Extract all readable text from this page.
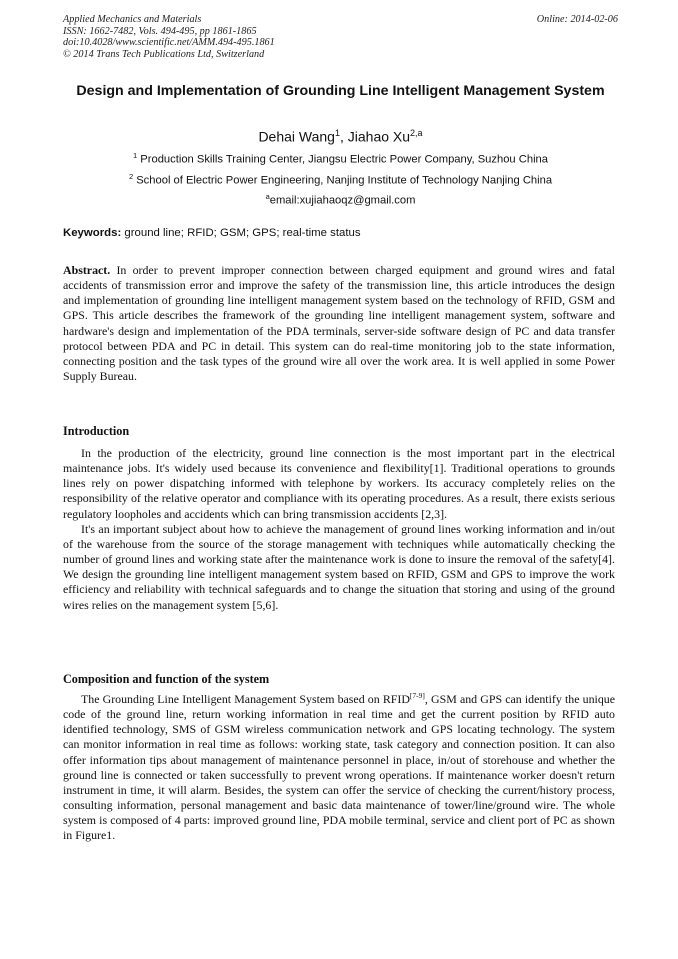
Applied Mechanics and Materials
ISSN: 1662-7482, Vols. 494-495, pp 1861-1865
doi:10.4028/www.scientific.net/AMM.494-495.1861
© 2014 Trans Tech Publications Ltd, Switzerland
Online: 2014-02-06
Design and Implementation of Grounding Line Intelligent Management System
Dehai Wang$^1$, Jiahao Xu$^{2,a}$
$^1$ Production Skills Training Center, Jiangsu Electric Power Company, Suzhou China
$^2$ School of Electric Power Engineering, Nanjing Institute of Technology Nanjing China
$^a$email:xujiahaoqz@gmail.com
Keywords: ground line; RFID; GSM; GPS; real-time status
Abstract. In order to prevent improper connection between charged equipment and ground wires and fatal accidents of transmission error and improve the safety of the transmission line, this article introduces the design and implementation of grounding line intelligent management system based on the technology of RFID, GSM and GPS. This article describes the framework of the grounding line intelligent management system, software and hardware's design and implementation of the PDA terminals, server-side software design of PC and data transfer protocol between PDA and PC in detail. This system can do real-time monitoring job to the state information, connecting position and the task types of the ground wire all over the work area. It is well applied in some Power Supply Bureau.
Introduction

In the production of the electricity, ground line connection is the most important part in the electrical maintenance jobs. It's widely used because its convenience and flexibility[1]. Traditional operations to grounds lines rely on power dispatching informed with telephone by workers. Its accuracy completely relies on the responsibility of the relative operator and compliance with its operating procedures. As a result, there exists serious regulatory loopholes and accidents which can bring transmission accidents [2,3].

It's an important subject about how to achieve the management of ground lines working information and in/out of the warehouse from the source of the storage management with techniques while automatically checking the number of ground lines and working state after the maintenance work is done to insure the removal of the safety[4]. We design the grounding line intelligent management system based on RFID, GSM and GPS to improve the work efficiency and reliability with technical safeguards and to change the situation that storing and using of the ground wires relies on the management system [5,6].

Composition and function of the system

The Grounding Line Intelligent Management System based on RFID[7-9], GSM and GPS can identify the unique code of the ground line, return working information in real time and get the current position by RFID auto identified technology, SMS of GSM wireless communication network and GPS locating technology. The system can monitor information in real time as follows: working state, task category and connection position. It can also offer information tips about management of maintenance personnel in place, in/out of storehouse and whether the ground line is connected or taken successfully to prevent wrong operations. If maintenance worker doesn't return instrument in time, it will alarm. Besides, the system can offer the service of checking the current/history process, consulting information, personal management and basic data maintenance of tower/line/ground wire. The whole system is composed of 4 parts: improved ground line, PDA mobile terminal, service and client port of PC as shown in Figure1.
